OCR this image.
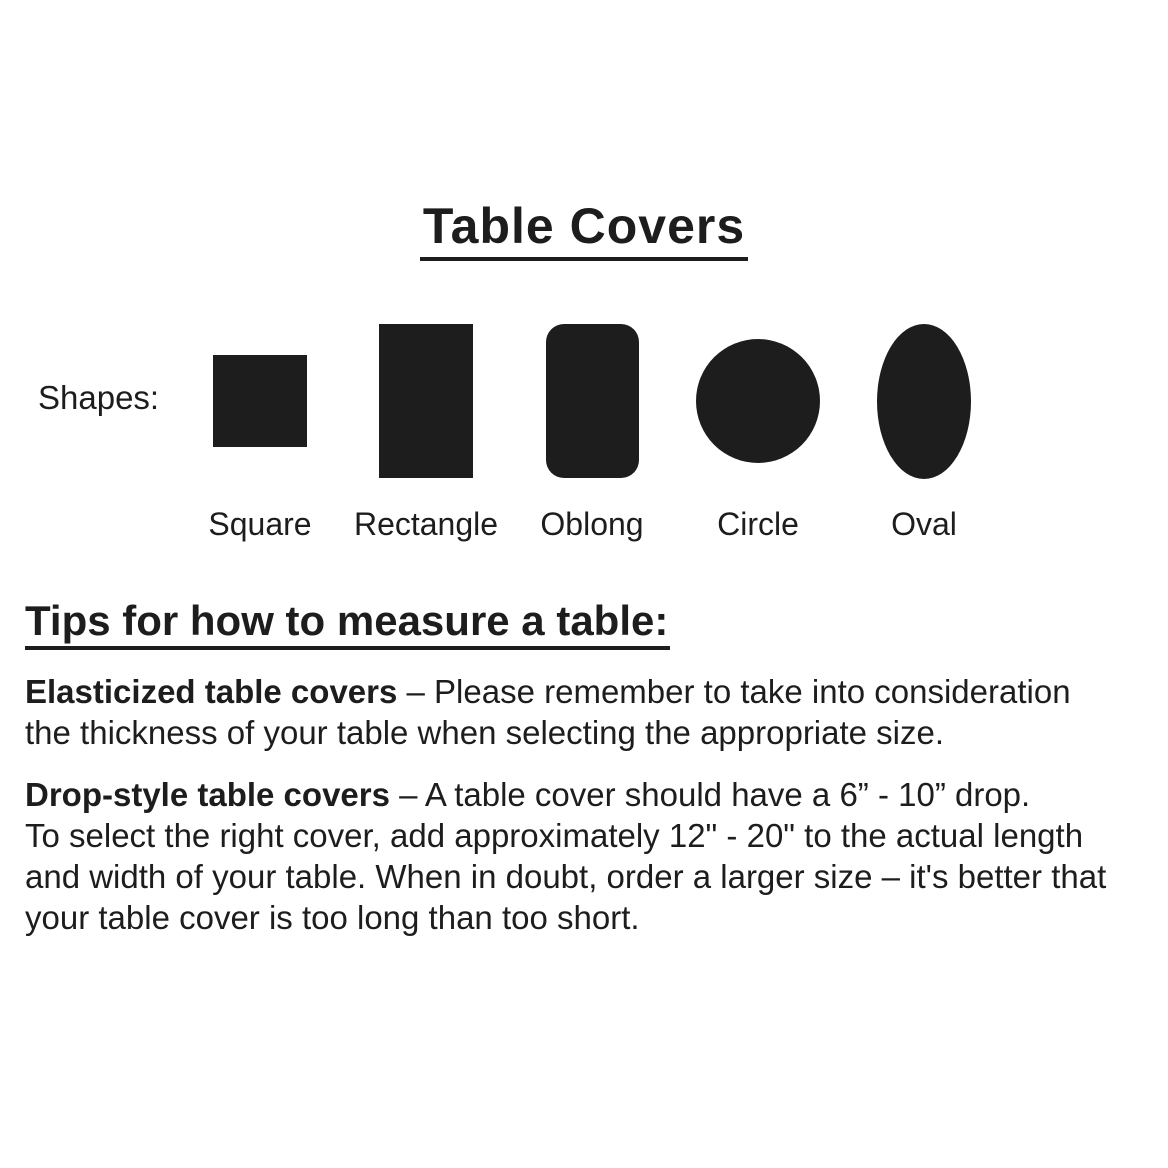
Table Covers
Shapes:
Square Rectangle Oblong Circle	Oval
Tips for how to measure a table:

Elasticized table covers – Please remember to take into consideration
the thickness of your table when selecting the appropriate size.

Drop-style table covers – A table cover should have a 6” - 10” drop.
To select the right cover, add approximately 12" - 20" to the actual length
and width of your table. When in doubt, order a larger size – it's better that
your table cover is too long than too short.
